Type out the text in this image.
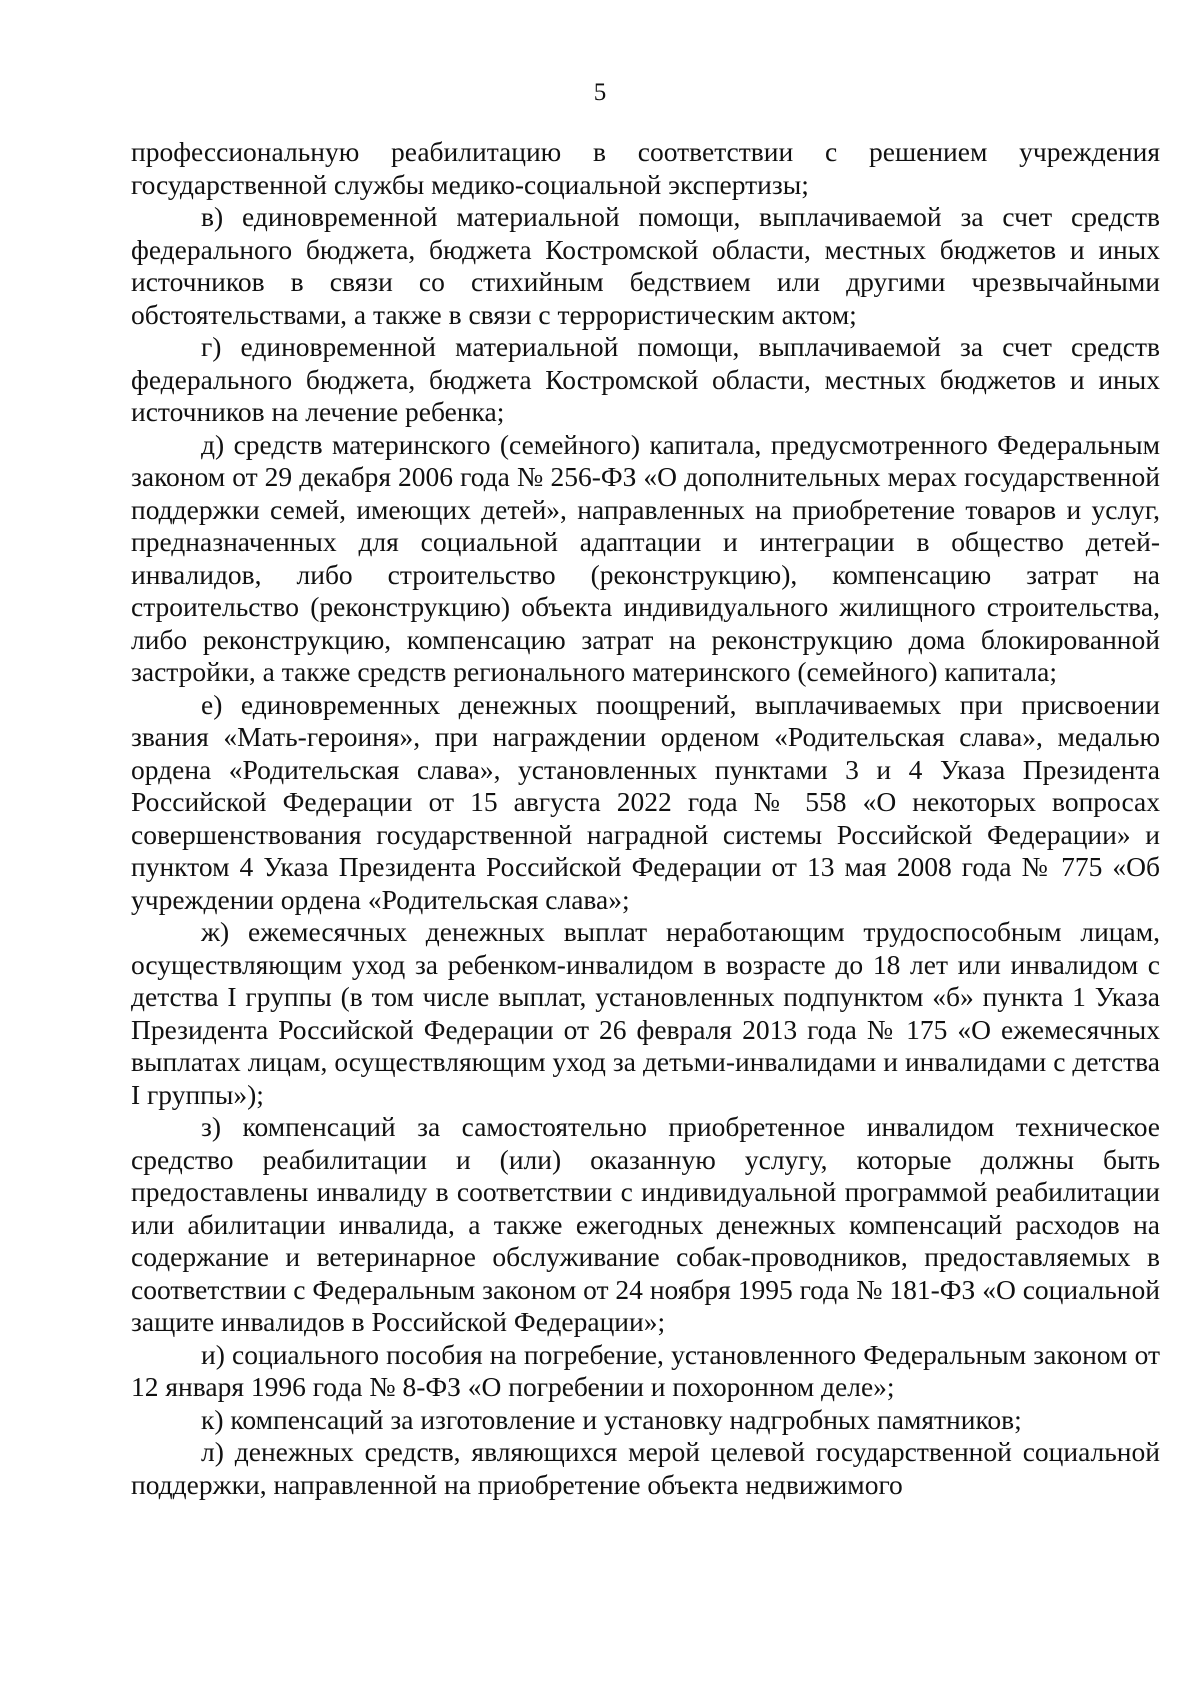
5

профессиональную реабилитацию в соответствии с решением учреждения государственной службы медико-социальной экспертизы;

в) единовременной материальной помощи, выплачиваемой за счет средств федерального бюджета, бюджета Костромской области, местных бюджетов и иных источников в связи со стихийным бедствием или другими чрезвычайными обстоятельствами, а также в связи с террористическим актом;

г) единовременной материальной помощи, выплачиваемой за счет средств федерального бюджета, бюджета Костромской области, местных бюджетов и иных источников на лечение ребенка;

д) средств материнского (семейного) капитала, предусмотренного Федеральным законом от 29 декабря 2006 года № 256-ФЗ «О дополнительных мерах государственной поддержки семей, имеющих детей», направленных на приобретение товаров и услуг, предназначенных для социальной адаптации и интеграции в общество детей-инвалидов, либо строительство (реконструкцию), компенсацию затрат на строительство (реконструкцию) объекта индивидуального жилищного строительства, либо реконструкцию, компенсацию затрат на реконструкцию дома блокированной застройки, а также средств регионального материнского (семейного) капитала;

е) единовременных денежных поощрений, выплачиваемых при присвоении звания «Мать-героиня», при награждении орденом «Родительская слава», медалью ордена «Родительская слава», установленных пунктами 3 и 4 Указа Президента Российской Федерации от 15 августа 2022 года № 558 «О некоторых вопросах совершенствования государственной наградной системы Российской Федерации» и пунктом 4 Указа Президента Российской Федерации от 13 мая 2008 года № 775 «Об учреждении ордена «Родительская слава»;

ж) ежемесячных денежных выплат неработающим трудоспособным лицам, осуществляющим уход за ребенком-инвалидом в возрасте до 18 лет или инвалидом с детства I группы (в том числе выплат, установленных подпунктом «б» пункта 1 Указа Президента Российской Федерации от 26 февраля 2013 года № 175 «О ежемесячных выплатах лицам, осуществляющим уход за детьми-инвалидами и инвалидами с детства I группы»);

з) компенсаций за самостоятельно приобретенное инвалидом техническое средство реабилитации и (или) оказанную услугу, которые должны быть предоставлены инвалиду в соответствии с индивидуальной программой реабилитации или абилитации инвалида, а также ежегодных денежных компенсаций расходов на содержание и ветеринарное обслуживание собак-проводников, предоставляемых в соответствии с Федеральным законом от 24 ноября 1995 года № 181-ФЗ «О социальной защите инвалидов в Российской Федерации»;

и) социального пособия на погребение, установленного Федеральным законом от 12 января 1996 года № 8-ФЗ «О погребении и похоронном деле»;

к) компенсаций за изготовление и установку надгробных памятников;

л) денежных средств, являющихся мерой целевой государственной социальной поддержки, направленной на приобретение объекта недвижимого
